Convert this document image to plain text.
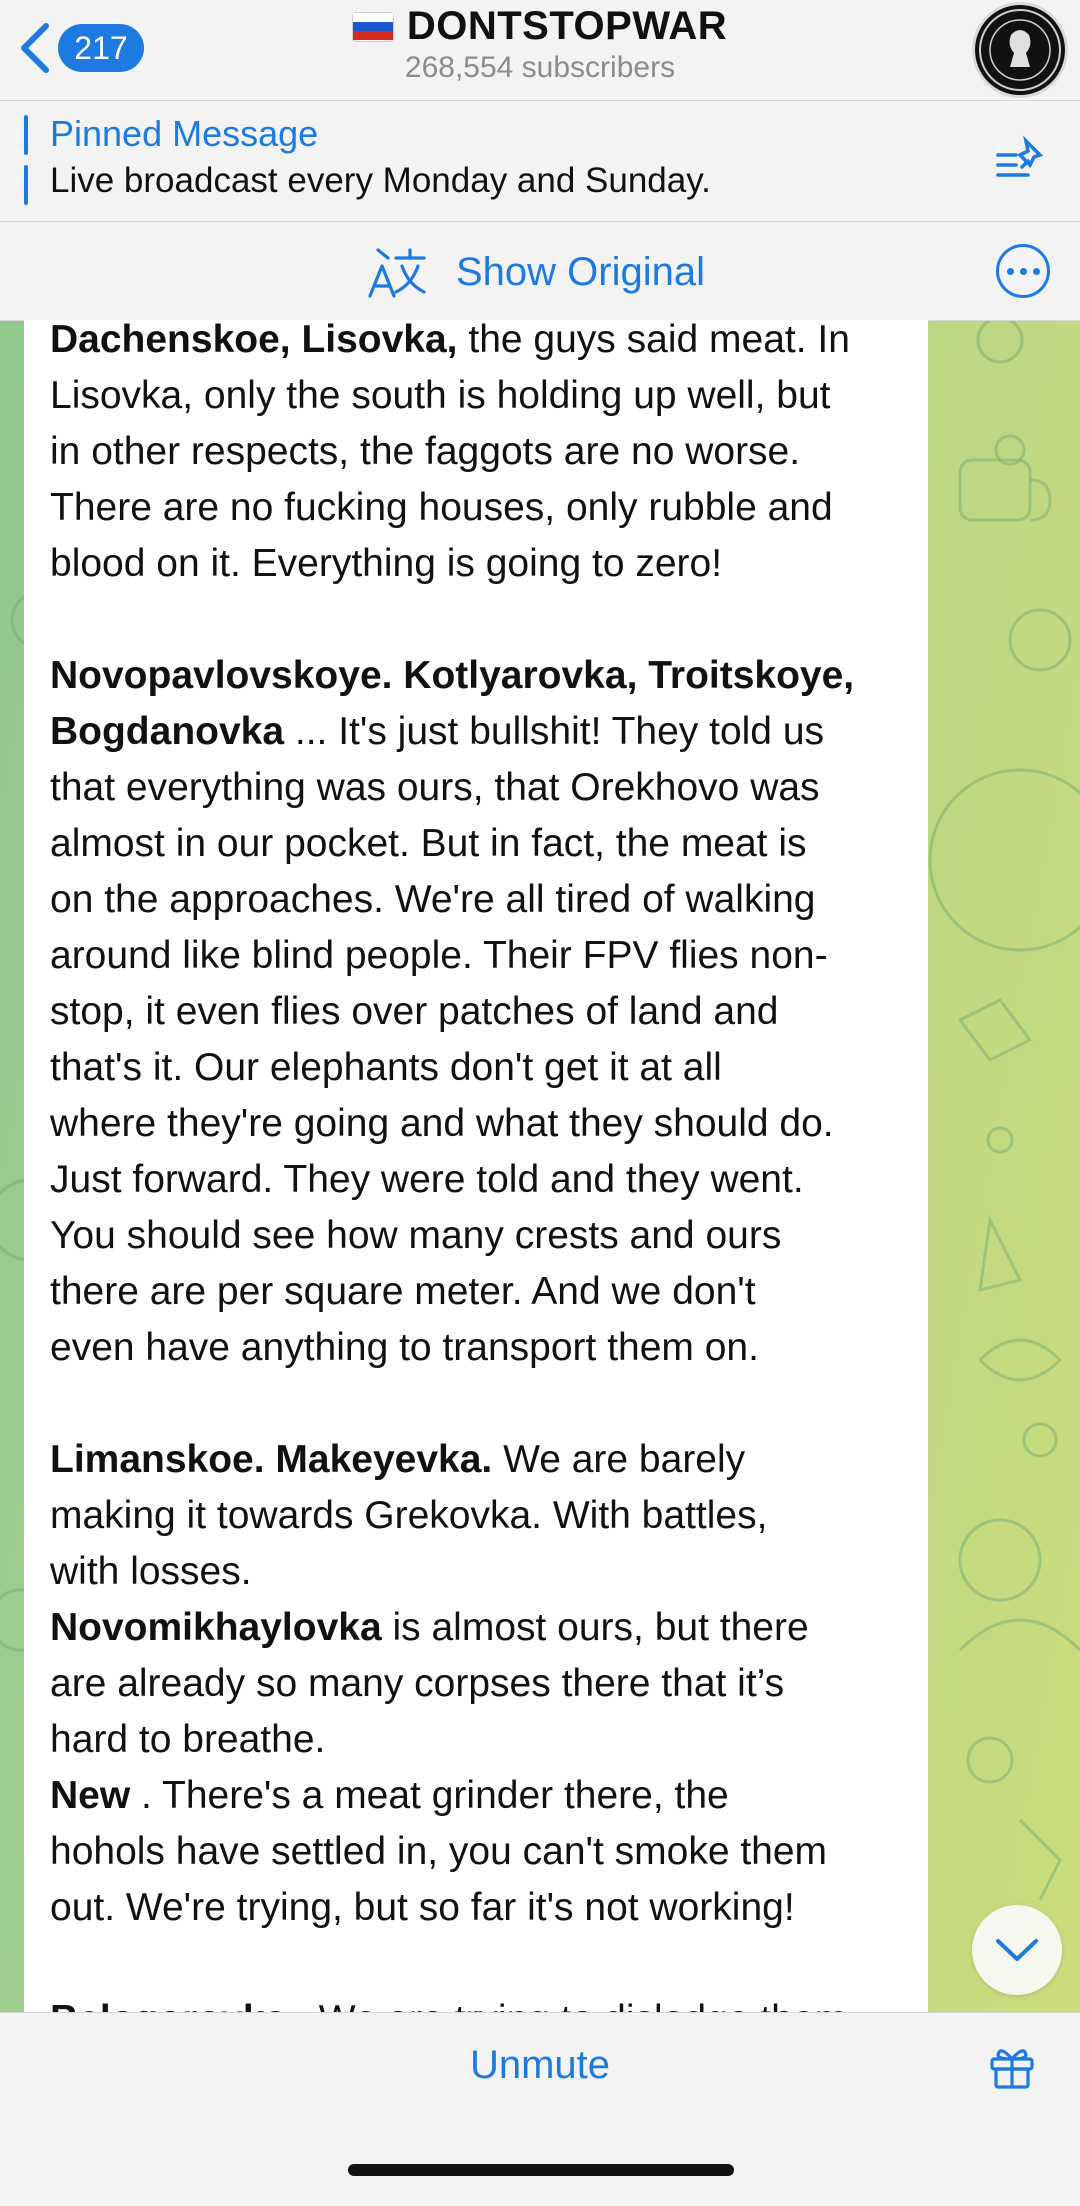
217	DONTSTOPWAR
268,554 subscribers
Pinned Message
Live broadcast every Monday and Sunday.
Show Original
Dachenskoe, Lisovka, the guys said meat. In
Lisovka, only the south is holding up well, but
in other respects, the faggots are no worse.
There are no fucking houses, only rubble and
blood on it. Everything is going to zero!
Novopavlovskoye. Kotlyarovka, Troitskoye,
Bogdanovka ... It's just bullshit! They told us
that everything was ours, that Orekhovo was
almost in our pocket. But in fact, the meat is
on the approaches. We're all tired of walking
around like blind people. Their FPV flies non-
stop, it even flies over patches of land and
that's it. Our elephants don't get it at all
where they're going and what they should do.
Just forward. They were told and they went.
You should see how many crests and ours
there are per square meter. And we don't
even have anything to transport them on.
Limanskoe. Makeyevka. We are barely
making it towards Grekovka. With battles,
with losses.
Novomikhaylovka is almost ours, but there
are already so many corpses there that it’s
hard to breathe.
New . There's a meat grinder there, the
hohols have settled in, you can't smoke them
out. We're trying, but so far it's not working!
Unmute
